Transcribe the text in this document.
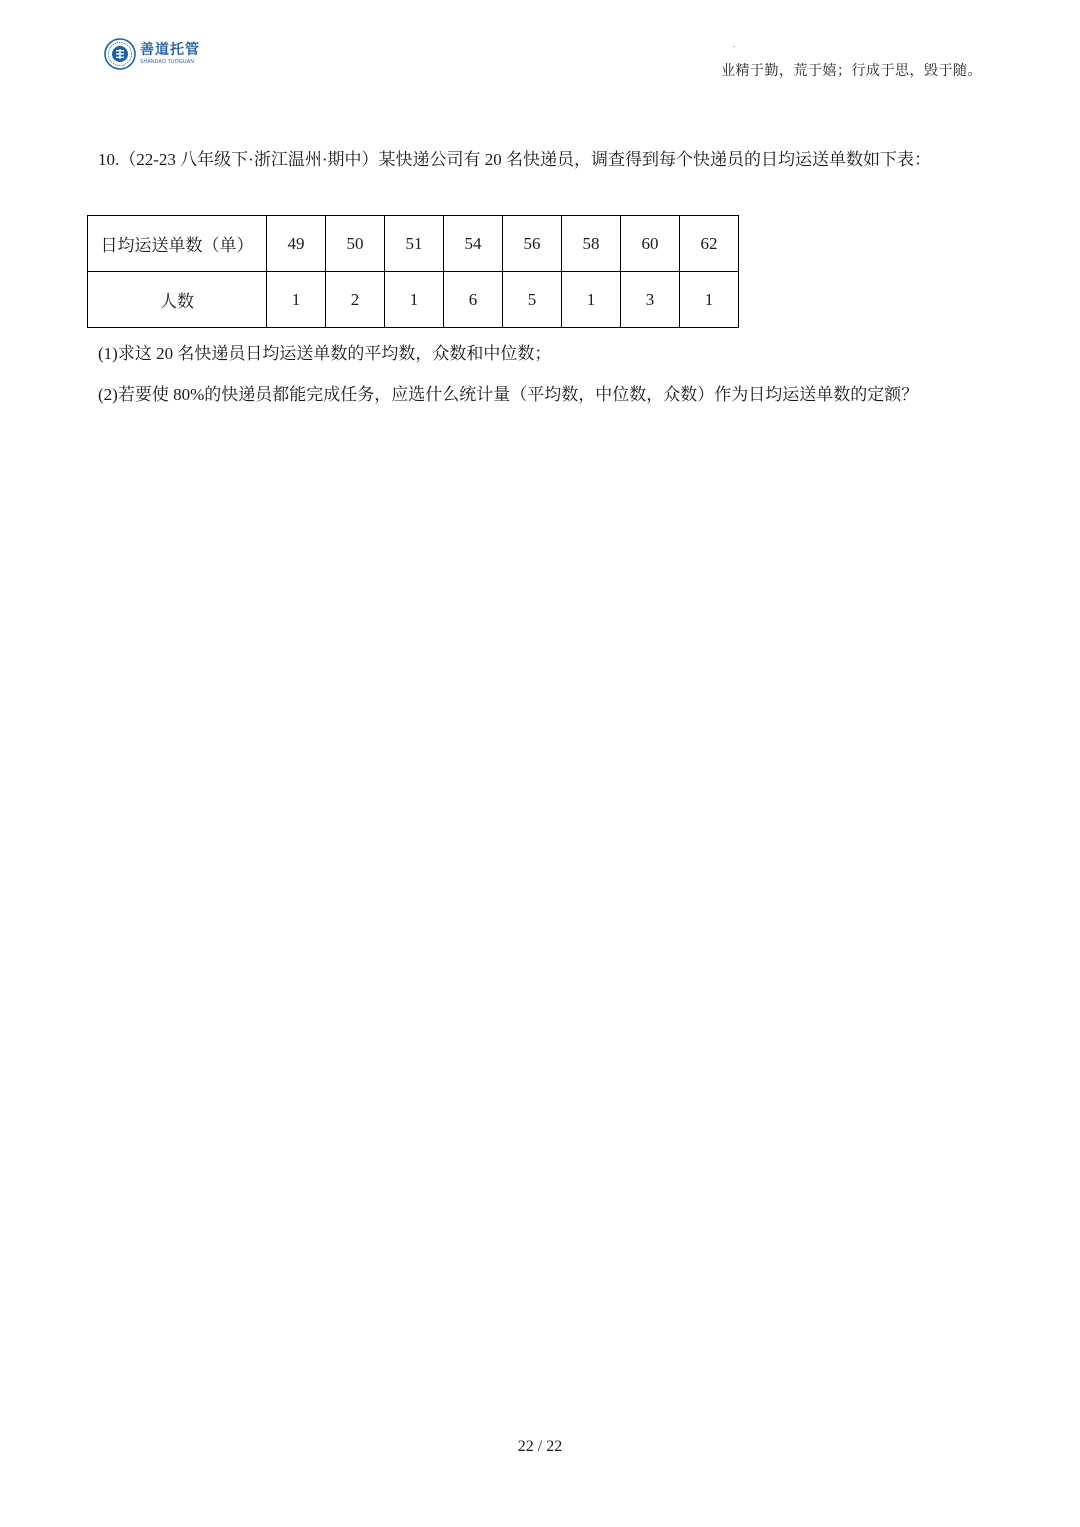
善道托管
SHANDAO TUOGUAN
.
业精于勤，荒于嬉；行成于思，毁于随。
10.（22-23 八年级下·浙江温州·期中）某快递公司有 20 名快递员，调查得到每个快递员的日均运送单数如下表：
日均运送单数（单）	49	50	51	54	56	58	60	62
人数	1	2	1	6	5	1	3	1
(1)求这 20 名快递员日均运送单数的平均数，众数和中位数；
(2)若要使 80%的快递员都能完成任务，应选什么统计量（平均数，中位数，众数）作为日均运送单数的定额？
22 / 22
